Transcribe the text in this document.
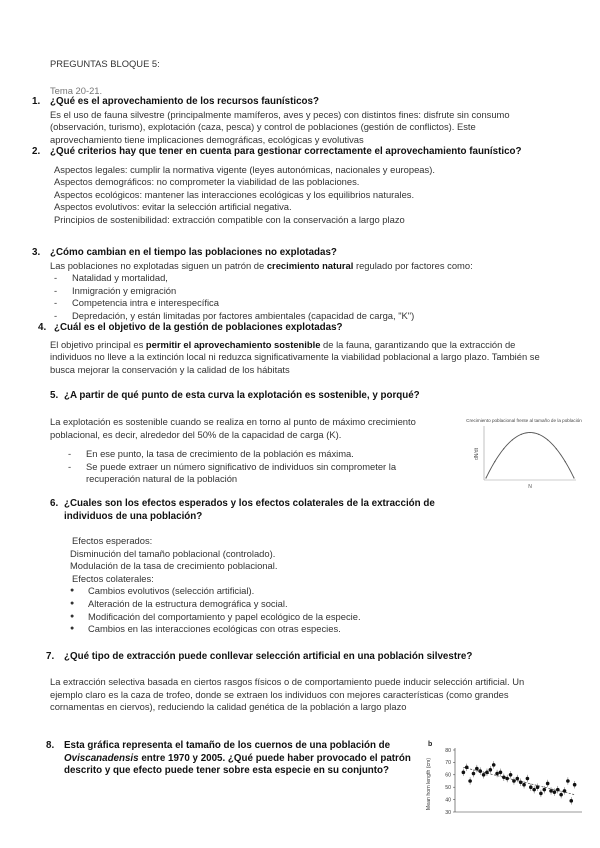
PREGUNTAS BLOQUE 5:
Tema 20-21.
1. ¿Qué es el aprovechamiento de los recursos faunísticos?
Es el uso de fauna silvestre (principalmente mamíferos, aves y peces) con distintos fines: disfrute sin consumo (observación, turismo), explotación (caza, pesca) y control de poblaciones (gestión de conflictos). Este aprovechamiento tiene implicaciones demográficas, ecológicas y evolutivas
2.	¿Qué criterios hay que tener en cuenta para gestionar correctamente el aprovechamiento faunístico?
Aspectos legales: cumplir la normativa vigente (leyes autonómicas, nacionales y europeas).
Aspectos demográficos: no comprometer la viabilidad de las poblaciones.
Aspectos ecológicos: mantener las interacciones ecológicas y los equilibrios naturales.
Aspectos evolutivos: evitar la selección artificial negativa.
Principios de sostenibilidad: extracción compatible con la conservación a largo plazo
3. ¿Cómo cambian en el tiempo las poblaciones no explotadas?
Las poblaciones no explotadas siguen un patrón de crecimiento natural regulado por factores como:
- Natalidad y mortalidad,
- Inmigración y emigración
- Competencia intra e interespecífica
- Depredación, y están limitadas por factores ambientales (capacidad de carga, "K")
4. ¿Cuál es el objetivo de la gestión de poblaciones explotadas?
El objetivo principal es permitir el aprovechamiento sostenible de la fauna, garantizando que la extracción de individuos no lleve a la extinción local ni reduzca significativamente la viabilidad poblacional a largo plazo. También se busca mejorar la conservación y la calidad de los hábitats
5. ¿A partir de qué punto de esta curva la explotación es sostenible, y porqué?
La explotación es sostenible cuando se realiza en torno al punto de máximo crecimiento poblacional, es decir, alrededor del 50% de la capacidad de carga (K).
- En ese punto, la tasa de crecimiento de la población es máxima.
- Se puede extraer un número significativo de individuos sin comprometer la recuperación natural de la población
Crecimiento poblacional frente al tamaño de la población
dN/dt
N
6. ¿Cuales son los efectos esperados y los efectos colaterales de la extracción de individuos de una población?
Efectos esperados:
Disminución del tamaño poblacional (controlado).
Modulación de la tasa de crecimiento poblacional.
Efectos colaterales:
● Cambios evolutivos (selección artificial).
● Alteración de la estructura demográfica y social.
● Modificación del comportamiento y papel ecológico de la especie.
● Cambios en las interacciones ecológicas con otras especies.
7. ¿Qué tipo de extracción puede conllevar selección artificial en una población silvestre?
La extracción selectiva basada en ciertos rasgos físicos o de comportamiento puede inducir selección artificial. Un ejemplo claro es la caza de trofeo, donde se extraen los individuos con mejores características (como grandes cornamentas en ciervos), reduciendo la calidad genética de la población a largo plazo
8.	Esta gráfica representa el tamaño de los cuernos de una población de Oviscanadensis entre 1970 y 2005. ¿Qué puede haber provocado el patrón descrito y que efecto puede tener sobre esta especie en su conjunto?
b
Mean horn length (cm)
30
40
50
60
70
80
